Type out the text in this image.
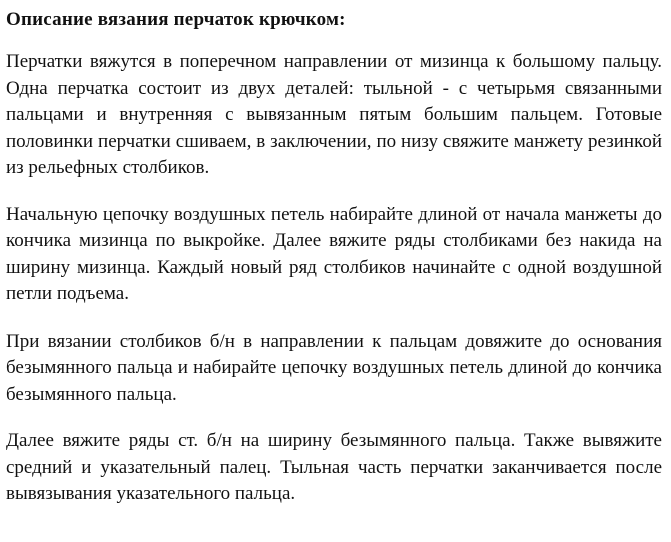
Описание вязания перчаток крючком:

Перчатки вяжутся в поперечном направлении от мизинца к большому пальцу. Одна перчатка состоит из двух деталей: тыльной - с четырьмя связанными пальцами и внутренняя с вывязанным пятым большим пальцем. Готовые половинки перчатки сшиваем, в заключении, по низу свяжите манжету резинкой из рельефных столбиков.

Начальную цепочку воздушных петель набирайте длиной от начала манжеты до кончика мизинца по выкройке. Далее вяжите ряды столбиками без накида на ширину мизинца. Каждый новый ряд столбиков начинайте с одной воздушной петли подъема.

При вязании столбиков б/н в направлении к пальцам довяжите до основания безымянного пальца и набирайте цепочку воздушных петель длиной до кончика безымянного пальца.

Далее вяжите ряды ст. б/н на ширину безымянного пальца. Также вывяжите средний и указательный палец. Тыльная часть перчатки заканчивается после вывязывания указательного пальца.
